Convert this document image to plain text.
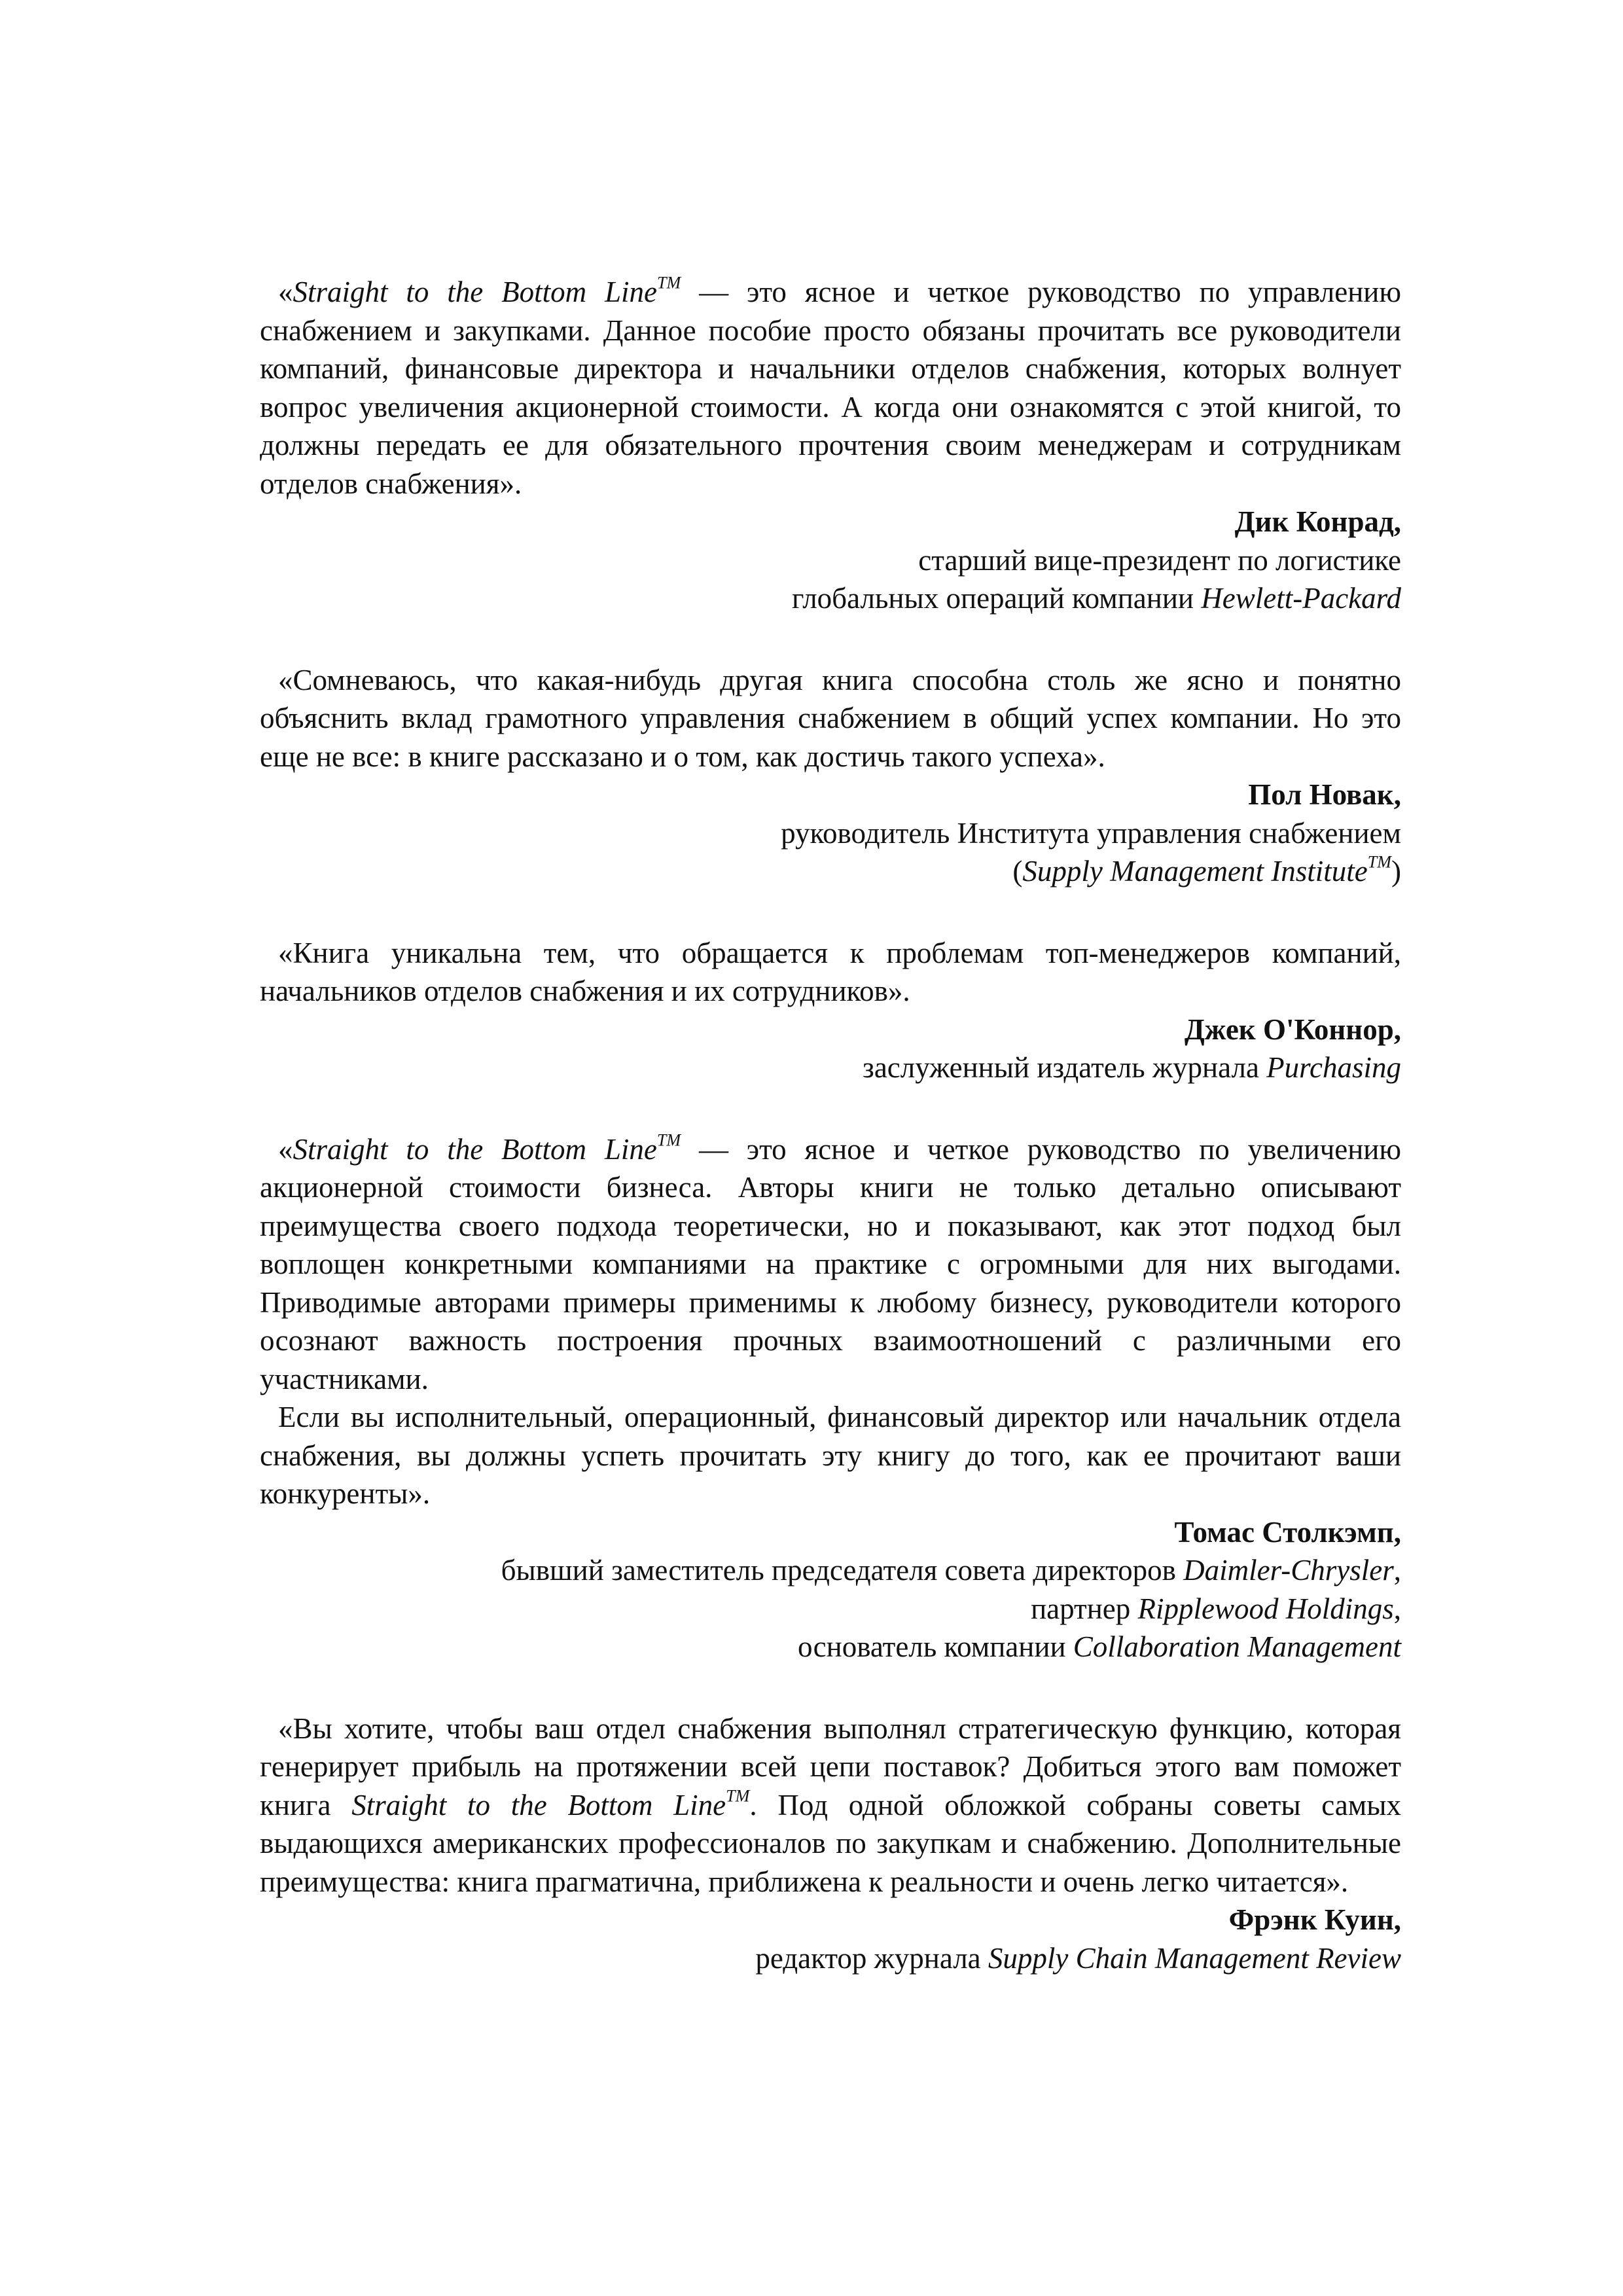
«Straight to the Bottom Line™ — это ясное и четкое руководство по управлению снабжением и закупками. Данное пособие просто обязаны прочитать все руководители компаний, финансовые директора и начальники отделов снабжения, которых волнует вопрос увеличения акционерной стоимости. А когда они ознакомятся с этой книгой, то должны передать ее для обязательного прочтения своим менеджерам и сотрудникам отделов снабжения».

Дик Конрад,

старший вице-президент по логистике

глобальных операций компании Hewlett-Packard

«Сомневаюсь, что какая-нибудь другая книга способна столь же ясно и понятно объяснить вклад грамотного управления снабжением в общий успех компании. Но это еще не все: в книге рассказано и о том, как достичь такого успеха».

Пол Новак,

руководитель Института управления снабжением

(Supply Management Institute™)

«Книга уникальна тем, что обращается к проблемам топ-менеджеров компаний, начальников отделов снабжения и их сотрудников».

Джек О'Коннор,

заслуженный издатель журнала Purchasing

«Straight to the Bottom Line™ — это ясное и четкое руководство по увеличению акционерной стоимости бизнеса. Авторы книги не только детально описывают преимущества своего подхода теоретически, но и показывают, как этот подход был воплощен конкретными компаниями на практике с огромными для них выгодами. Приводимые авторами примеры применимы к любому бизнесу, руководители которого осознают важность построения прочных взаимоотношений с различными его участниками.

Если вы исполнительный, операционный, финансовый директор или начальник отдела снабжения, вы должны успеть прочитать эту книгу до того, как ее прочитают ваши конкуренты».

Томас Столкэмп,

бывший заместитель председателя совета директоров Daimler-Chrysler,

партнер Ripplewood Holdings,

основатель компании Collaboration Management

«Вы хотите, чтобы ваш отдел снабжения выполнял стратегическую функцию, которая генерирует прибыль на протяжении всей цепи поставок? Добиться этого вам поможет книга Straight to the Bottom Line™. Под одной обложкой собраны советы самых выдающихся американских профессионалов по закупкам и снабжению. Дополнительные преимущества: книга прагматична, приближена к реальности и очень легко читается».

Фрэнк Куин,

редактор журнала Supply Chain Management Review
